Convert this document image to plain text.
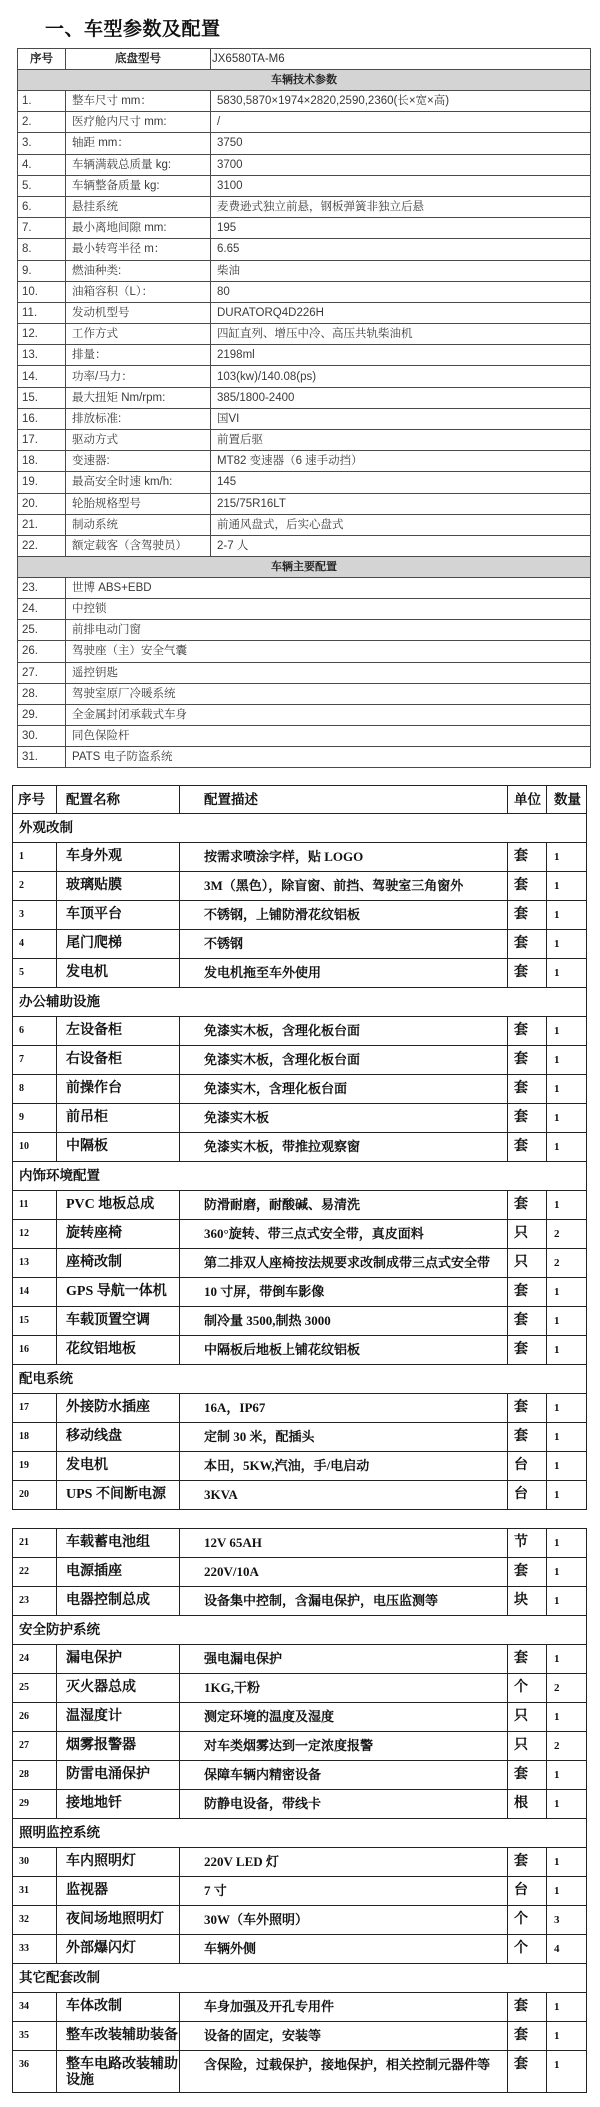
一、车型参数及配置
序号	底盘型号	JX6580TA-M6
车辆技术参数		
1.	整车尺寸 mm：	5830,5870×1974×2820,2590,2360(长×宽×高)
2.	医疗舱内尺寸 mm:	/
3.	轴距 mm：	3750
4.	车辆满载总质量 kg:	3700
5.	车辆整备质量 kg:	3100
6.	悬挂系统	麦费逊式独立前悬，钢板弹簧非独立后悬
7.	最小离地间隙 mm:	195
8.	最小转弯半径 m：	6.65
9.	燃油种类:	柴油
10.	油箱容积（L）：	80
11.	发动机型号	DURATORQ4D226H
12.	工作方式	四缸直列、增压中冷、高压共轨柴油机
13.	排量：	2198ml
14.	功率/马力：	103(kw)/140.08(ps)
15.	最大扭矩 Nm/rpm:	385/1800-2400
16.	排放标准:	国VI
17.	驱动方式	前置后驱
18.	变速器:	MT82 变速器（6 速手动挡）
19.	最高安全时速 km/h:	145
20.	轮胎规格型号	215/75R16LT
21.	制动系统	前通风盘式，后实心盘式
22.	额定载客（含驾驶员）	2-7 人
车辆主要配置		
23.	世博 ABS+EBD	
24.	中控锁	
25.	前排电动门窗	
26.	驾驶座（主）安全气囊	
27.	遥控钥匙	
28.	驾驶室原厂冷暖系统	
29.	全金属封闭承载式车身	
30.	同色保险杆	
31.	PATS 电子防盗系统	
序号	配置名称	配置描述	单位	数量
外观改制				
1	车身外观	按需求喷涂字样，贴 LOGO	套	1
2	玻璃贴膜	3M（黑色），除盲窗、前挡、驾驶室三角窗外	套	1
3	车顶平台	不锈钢，上铺防滑花纹铝板	套	1
4	尾门爬梯	不锈钢	套	1
5	发电机	发电机拖至车外使用	套	1
办公辅助设施				
6	左设备柜	免漆实木板，含理化板台面	套	1
7	右设备柜	免漆实木板，含理化板台面	套	1
8	前操作台	免漆实木，含理化板台面	套	1
9	前吊柜	免漆实木板	套	1
10	中隔板	免漆实木板，带推拉观察窗	套	1
内饰环境配置				
11	PVC 地板总成	防滑耐磨，耐酸碱、易清洗	套	1
12	旋转座椅	360°旋转、带三点式安全带，真皮面料	只	2
13	座椅改制	第二排双人座椅按法规要求改制成带三点式安全带	只	2
14	GPS 导航一体机	10 寸屏，带倒车影像	套	1
15	车载顶置空调	制冷量 3500,制热 3000	套	1
16	花纹铝地板	中隔板后地板上铺花纹铝板	套	1
配电系统				
17	外接防水插座	16A，IP67	套	1
18	移动线盘	定制 30 米，配插头	套	1
19	发电机	本田，5KW,汽油，手/电启动	台	1
20	UPS 不间断电源	3KVA	台	1
21	车载蓄电池组	12V 65AH	节	1
22	电源插座	220V/10A	套	1
23	电器控制总成	设备集中控制，含漏电保护，电压监测等	块	1
安全防护系统				
24	漏电保护	强电漏电保护	套	1
25	灭火器总成	1KG,干粉	个	2
26	温湿度计	测定环境的温度及湿度	只	1
27	烟雾报警器	对车类烟雾达到一定浓度报警	只	2
28	防雷电涌保护	保障车辆内精密设备	套	1
29	接地地钎	防静电设备，带线卡	根	1
照明监控系统				
30	车内照明灯	220V LED 灯	套	1
31	监视器	7 寸	台	1
32	夜间场地照明灯	30W（车外照明）	个	3
33	外部爆闪灯	车辆外侧	个	4
其它配套改制				
34	车体改制	车身加强及开孔专用件	套	1
35	整车改装辅助装备	设备的固定，安装等	套	1
36	整车电路改装辅助设施	含保险，过载保护，接地保护，相关控制元器件等	套	1
